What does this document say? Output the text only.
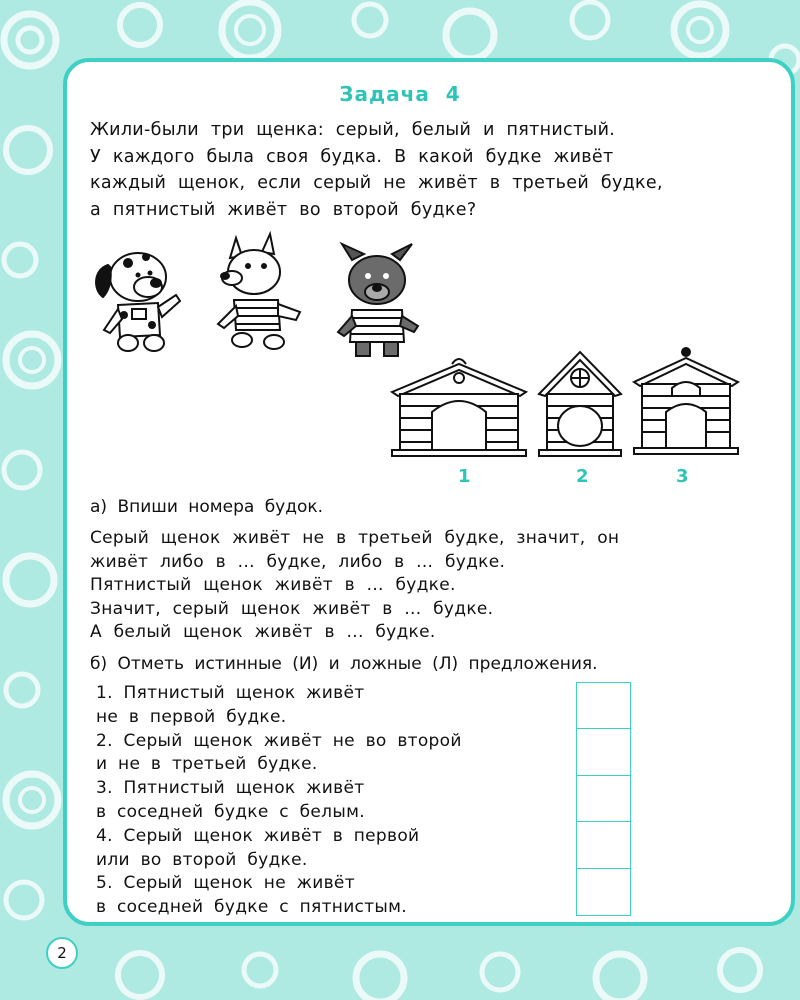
Задача 4
Жили-были три щенка: серый, белый и пятнистый.
У каждого была своя будка. В какой будке живёт
каждый щенок, если серый не живёт в третьей будке,
а пятнистый живёт во второй будке?
1	2	3
а) Впиши номера будок.
Серый щенок живёт не в третьей будке, значит, он
живёт либо в ... будке, либо в ... будке.
Пятнистый щенок живёт в ... будке.
Значит, серый щенок живёт в ... будке.
А белый щенок живёт в ... будке.
б) Отметь истинные (И) и ложные (Л) предложения.
1. Пятнистый щенок живёт
не в первой будке.
2. Серый щенок живёт не во второй
и не в третьей будке.
3. Пятнистый щенок живёт
в соседней будке с белым.
4. Серый щенок живёт в первой
или во второй будке.
5. Серый щенок не живёт
в соседней будке с пятнистым.
2
